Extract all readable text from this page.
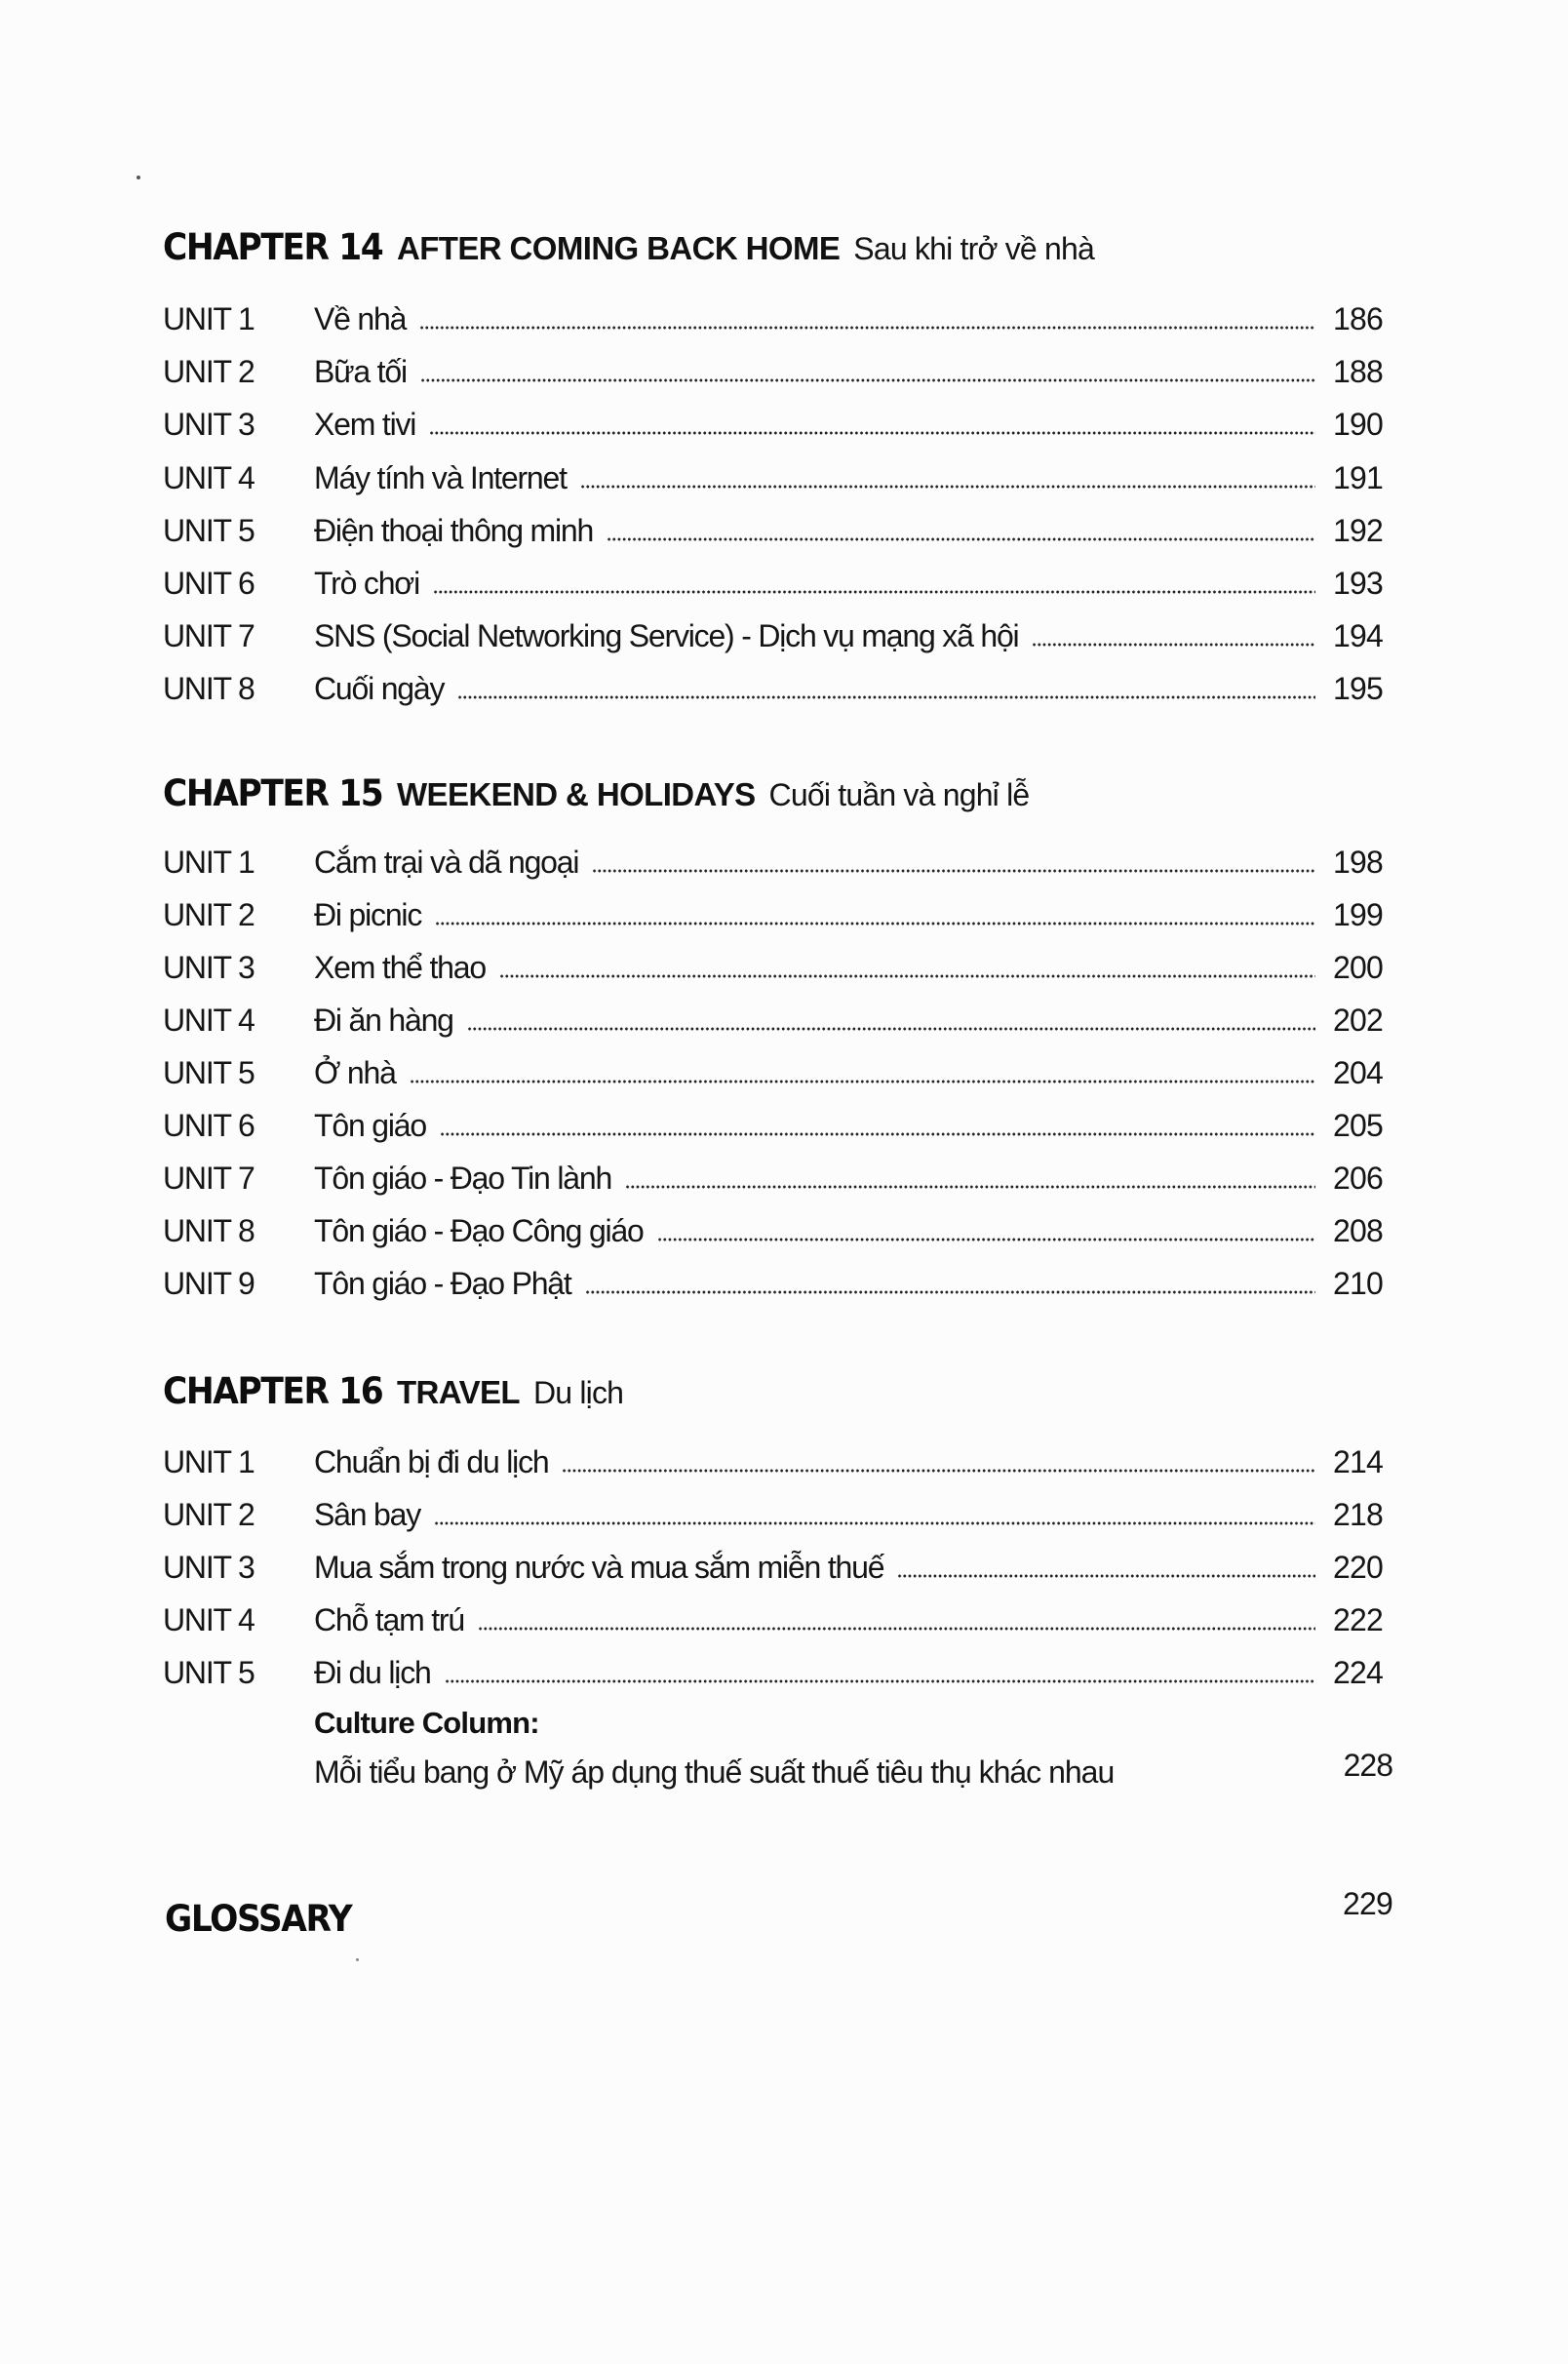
CHAPTER 14 AFTER COMING BACK HOME Sau khi trở về nhà
UNIT 1	Về nhà	186
UNIT 2	Bữa tối	188
UNIT 3	Xem tivi	190
UNIT 4	Máy tính và Internet	191
UNIT 5	Điện thoại thông minh	192
UNIT 6	Trò chơi	193
UNIT 7	SNS (Social Networking Service) - Dịch vụ mạng xã hội	194
UNIT 8	Cuối ngày	195
CHAPTER 15 WEEKEND & HOLIDAYS Cuối tuần và nghỉ lễ
UNIT 1	Cắm trại và dã ngoại	198
UNIT 2	Đi picnic	199
UNIT 3	Xem thể thao	200
UNIT 4	Đi ăn hàng	202
UNIT 5	Ở nhà	204
UNIT 6	Tôn giáo	205
UNIT 7	Tôn giáo - Đạo Tin lành	206
UNIT 8	Tôn giáo - Đạo Công giáo	208
UNIT 9	Tôn giáo - Đạo Phật	210
CHAPTER 16 TRAVEL Du lịch
UNIT 1	Chuẩn bị đi du lịch	214
UNIT 2	Sân bay	218
UNIT 3	Mua sắm trong nước và mua sắm miễn thuế	220
UNIT 4	Chỗ tạm trú	222
UNIT 5	Đi du lịch	224
Culture Column:
Mỗi tiểu bang ở Mỹ áp dụng thuế suất thuế tiêu thụ khác nhau	228
GLOSSARY	229
